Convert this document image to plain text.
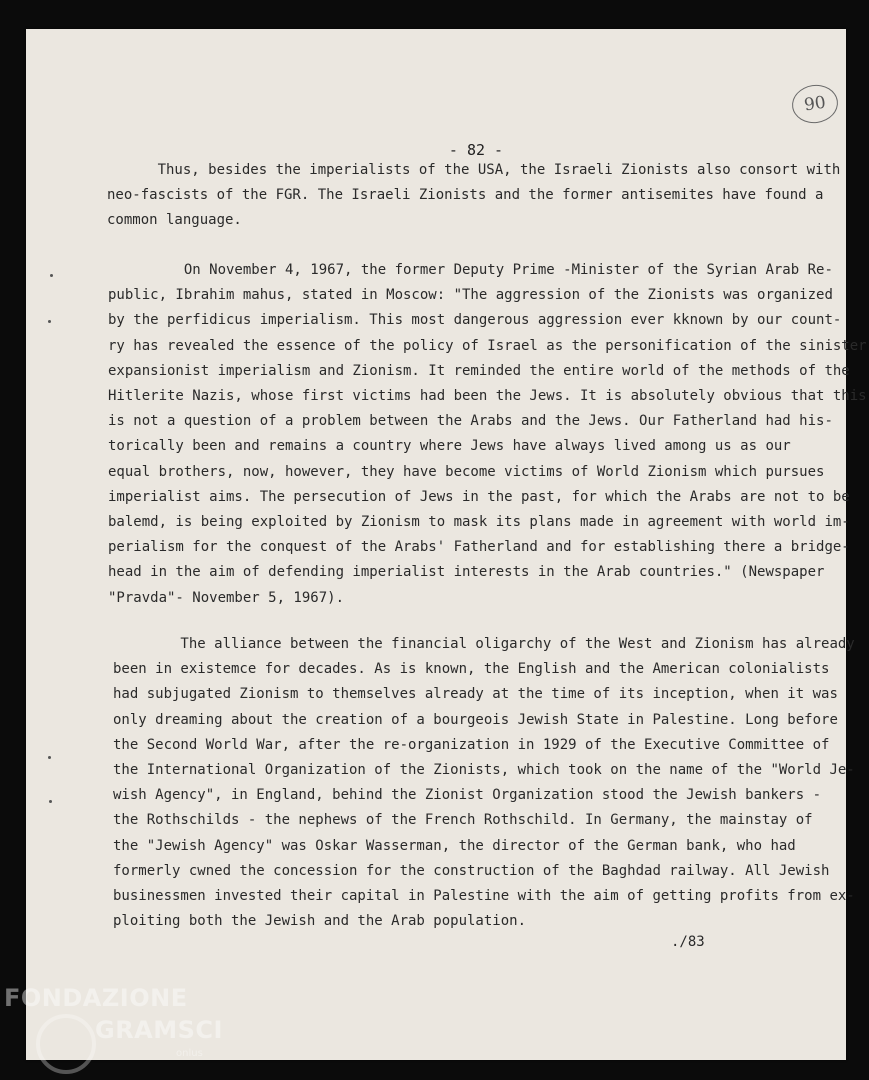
90
- 82 -
Thus, besides the imperialists of the USA, the Israeli Zionists also consort with
neo-fascists of the FGR. The Israeli Zionists and the former antisemites have found a
common language.
On November 4, 1967, the former Deputy Prime -Minister of the Syrian Arab Re-
public, Ibrahim mahus, stated in Moscow: "The aggression of the Zionists was organized
by the perfidicus imperialism. This most dangerous aggression ever kknown by our count-
ry has revealed the essence of the policy of Israel as the personification of the sinister
expansionist imperialism and Zionism. It reminded the entire world of the methods of the
Hitlerite Nazis, whose first victims had been the Jews. It is absolutely obvious that this
is not a question of a problem between the Arabs and the Jews. Our Fatherland had his-
torically been and remains a country where Jews have always lived among us as our
equal brothers, now, however, they have become victims of World Zionism which pursues
imperialist aims. The persecution of Jews in the past, for which the Arabs are not to be
balemd, is being exploited by Zionism to mask its plans made in agreement with world im-
perialism for the conquest of the Arabs' Fatherland and for establishing there a bridge-
head in the aim of defending imperialist interests in the Arab countries." (Newspaper
"Pravda"- November 5, 1967).
The alliance between the financial oligarchy of the West and Zionism has already
been in existemce for decades. As is known, the English and the American colonialists
had subjugated Zionism to themselves already at the time of its inception, when it was
only dreaming about the creation of a bourgeois Jewish State in Palestine. Long before
the Second World War, after the re-organization in 1929 of the Executive Committee of
the International Organization of the Zionists, which took on the name of the "World Je-
wish Agency", in England, behind the Zionist Organization stood the Jewish bankers -
the Rothschilds - the nephews of the French Rothschild. In Germany, the mainstay of
the "Jewish Agency" was Oskar Wasserman, the director of the German bank, who had
formerly cwned the concession for the construction of the Baghdad railway. All Jewish
businessmen invested their capital in Palestine with the aim of getting profits from ex-
ploiting both the Jewish and the Arab population.
./83
FONDAZIONE
GRAMSCI
onlus
